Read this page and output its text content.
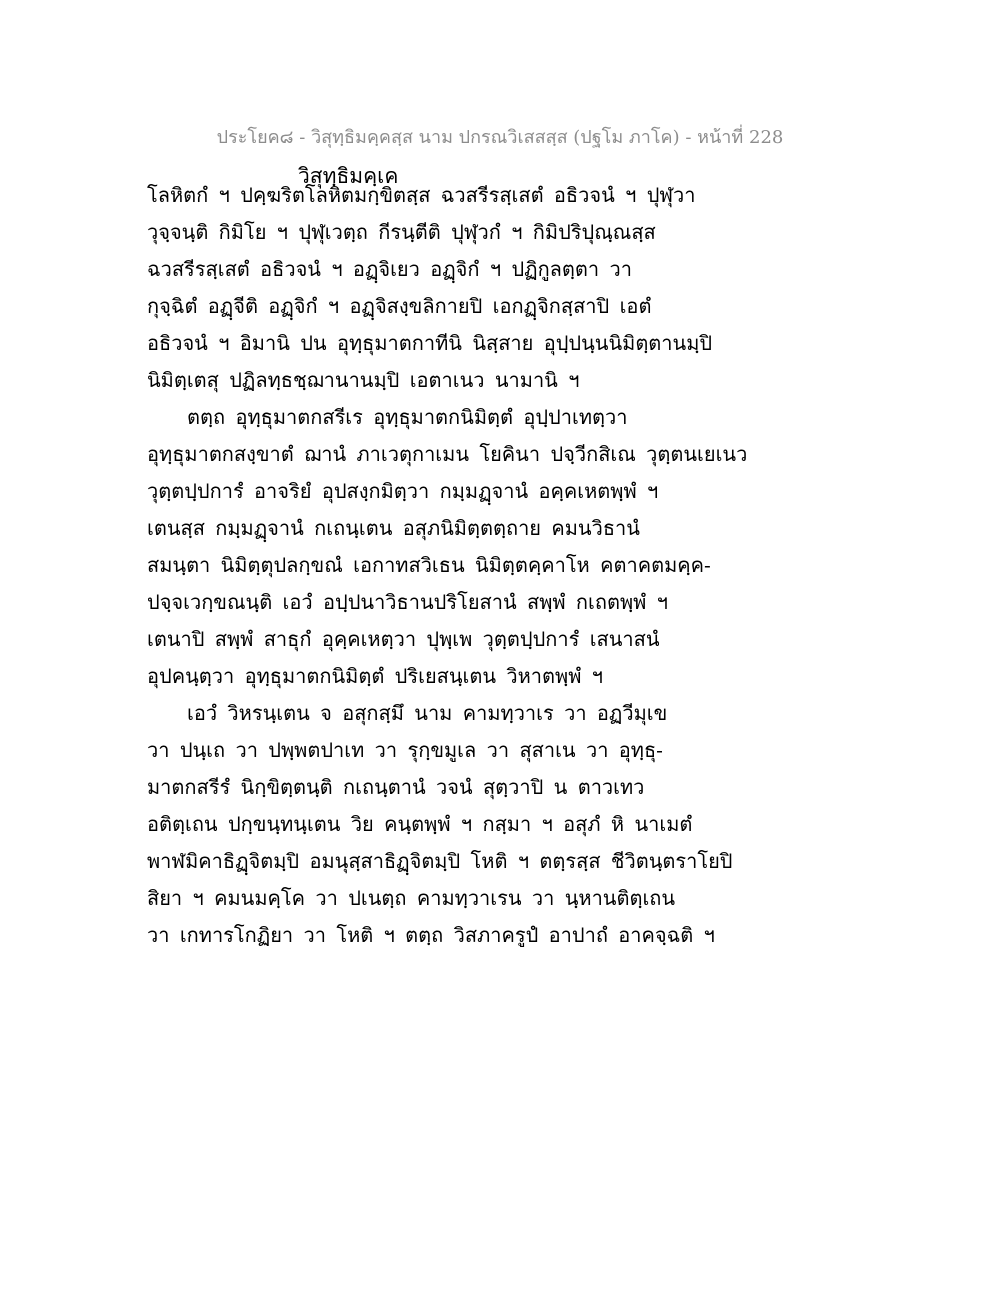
ประโยค๘ - วิสุทฺธิมคฺคสฺส นาม ปกรณวิเสสสฺส (ปฐโม ภาโค) - หน้าที่ 228
วิสุทฺธิมคฺเค
โลหิตกํ ฯ ปคฺฆริตโลหิตมกฺขิตสฺส ฉวสรีรสฺเสตํ อธิวจนํ ฯ ปุฬุวา
วุจฺจนฺติ กิมิโย ฯ ปุฬุเวตฺถ กีรนฺตีติ ปุฬุวกํ ฯ กิมิปริปุณฺณสฺส
ฉวสรีรสฺเสตํ อธิวจนํ ฯ อฏฺจิเยว อฏฺจิกํ ฯ ปฏิกูลตฺตา วา
กุจฺฉิตํ อฏฺจีติ อฏฺจิกํ ฯ อฏฺจิสงฺขลิกายปิ เอกฏฺจิกสฺสาปิ เอตํ
อธิวจนํ ฯ อิมานิ ปน อุทฺธุมาตกาทีนิ นิสฺสาย อุปฺปนฺนนิมิตฺตานมฺปิ
นิมิตฺเตสุ ปฏิลทฺธชฺฌานานมฺปิ เอตาเนว นามานิ ฯ
ตตฺถ อุทฺธุมาตกสรีเร อุทฺธุมาตกนิมิตฺตํ อุปฺปาเทตฺวา
อุทฺธุมาตกสงฺขาตํ ฌานํ ภาเวตุกาเมน โยคินา ปจฺวีกสิเณ วุตฺตนเยเนว
วุตฺตปฺปการํ อาจริยํ อุปสงฺกมิตฺวา กมฺมฏฺจานํ อคฺคเหตพฺพํ ฯ
เตนสฺส กมฺมฏฺจานํ กเถนฺเตน อสุภนิมิตฺตตฺถาย คมนวิธานํ
สมนฺตา นิมิตฺตุปลกฺขณํ เอกาทสวิเธน นิมิตฺตคฺคาโห คตาคตมคฺค-
ปจฺจเวกฺขณนฺติ เอวํ อปฺปนาวิธานปริโยสานํ สพฺพํ กเถตพฺพํ ฯ
เตนาปิ สพฺพํ สาธุกํ อุคฺคเหตฺวา ปุพฺเพ วุตฺตปฺปการํ เสนาสนํ
อุปคนฺตฺวา อุทฺธุมาตกนิมิตฺตํ ปริเยสนฺเตน วิหาตพฺพํ ฯ
เอวํ วิหรนฺเตน จ อสุกสฺมึ นาม คามทฺวาเร วา อฏวีมุเข
วา ปนฺเถ วา ปพฺพตปาเท วา รุกฺขมูเล วา สุสาเน วา อุทฺธุ-
มาตกสรีรํ นิกฺขิตฺตนฺติ กเถนฺตานํ วจนํ สุตฺวาปิ น ตาวเทว
อติตฺเถน ปกฺขนฺทนฺเตน วิย คนฺตพฺพํ ฯ กสฺมา ฯ อสุภํ หิ นาเมตํ
พาฬมิคาธิฏฺจิตมฺปิ อมนุสฺสาธิฏฺจิตมฺปิ โหติ ฯ ตตฺรสฺส ชีวิตนฺตราโยปิ
สิยา ฯ คมนมคฺโค วา ปเนตฺถ คามทฺวาเรน วา นฺหานติตฺเถน
วา เกทารโกฏิยา วา โหติ ฯ ตตฺถ วิสภาครูปํ อาปาถํ อาคจฺฉติ ฯ
